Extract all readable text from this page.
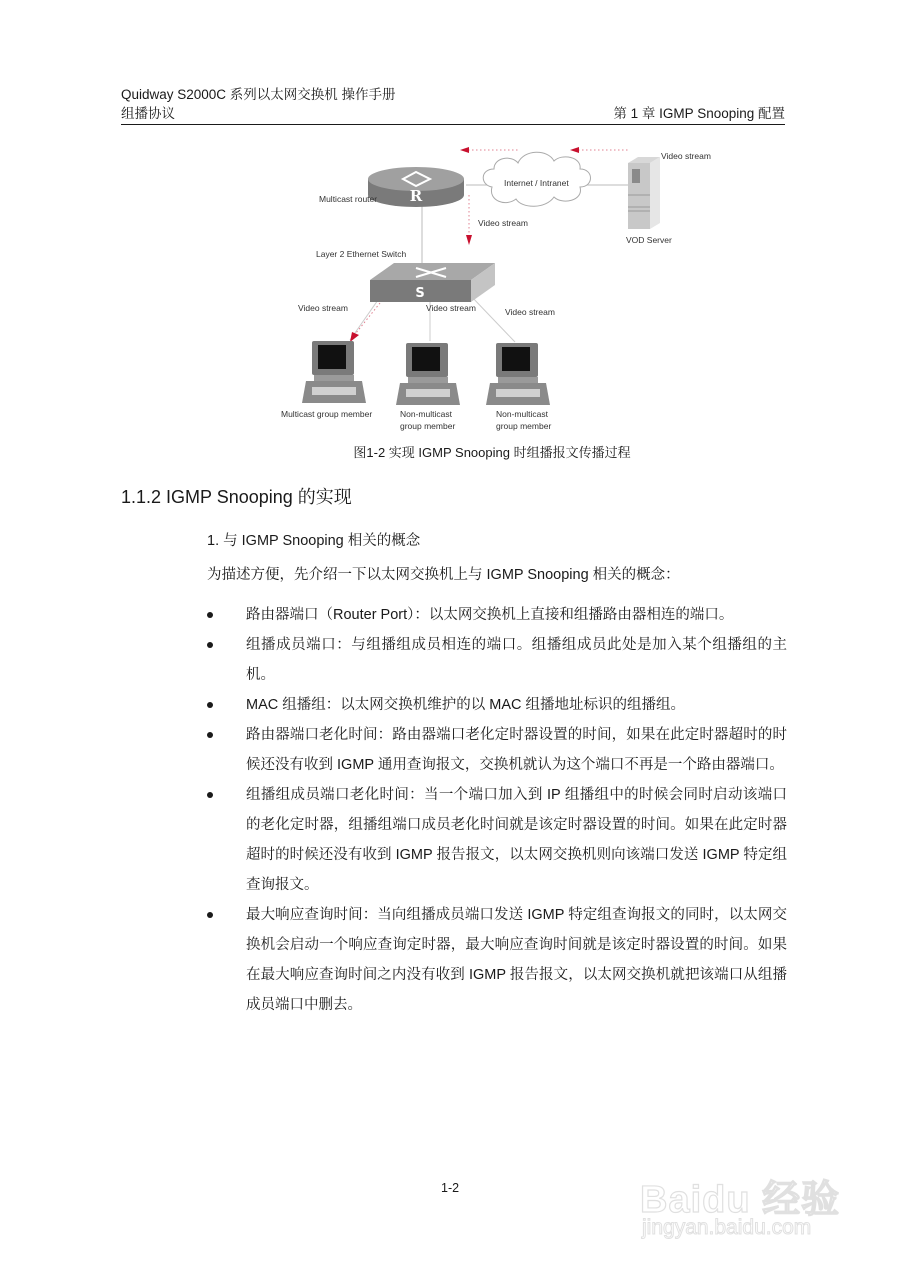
Quidway S2000C 系列以太网交换机 操作手册
组播协议	第 1 章 IGMP Snooping 配置
R
S
Video stream
Internet / Intranet
Multicast router
Video stream
VOD Server
Layer 2 Ethernet Switch
Video stream	Video stream	Video stream
Multicast group member	Non-multicast
group member
Non-multicast
group member
图1-2 实现 IGMP Snooping 时组播报文传播过程
1.1.2 IGMP Snooping 的实现
1. 与 IGMP Snooping 相关的概念
为描述方便，先介绍一下以太网交换机上与 IGMP Snooping 相关的概念：
路由器端口（Router Port）：以太网交换机上直接和组播路由器相连的端口。
组播成员端口：与组播组成员相连的端口。组播组成员此处是加入某个组播组的主机。
MAC 组播组：以太网交换机维护的以 MAC 组播地址标识的组播组。
路由器端口老化时间：路由器端口老化定时器设置的时间，如果在此定时器超时的时候还没有收到 IGMP 通用查询报文，交换机就认为这个端口不再是一个路由器端口。
组播组成员端口老化时间：当一个端口加入到 IP 组播组中的时候会同时启动该端口的老化定时器，组播组端口成员老化时间就是该定时器设置的时间。如果在此定时器超时的时候还没有收到 IGMP 报告报文，以太网交换机则向该端口发送 IGMP 特定组查询报文。
最大响应查询时间：当向组播成员端口发送 IGMP 特定组查询报文的同时，以太网交换机会启动一个响应查询定时器，最大响应查询时间就是该定时器设置的时间。如果在最大响应查询时间之内没有收到 IGMP 报告报文，以太网交换机就把该端口从组播成员端口中删去。
1-2	Baidu 经验
jingyan.baidu.com
